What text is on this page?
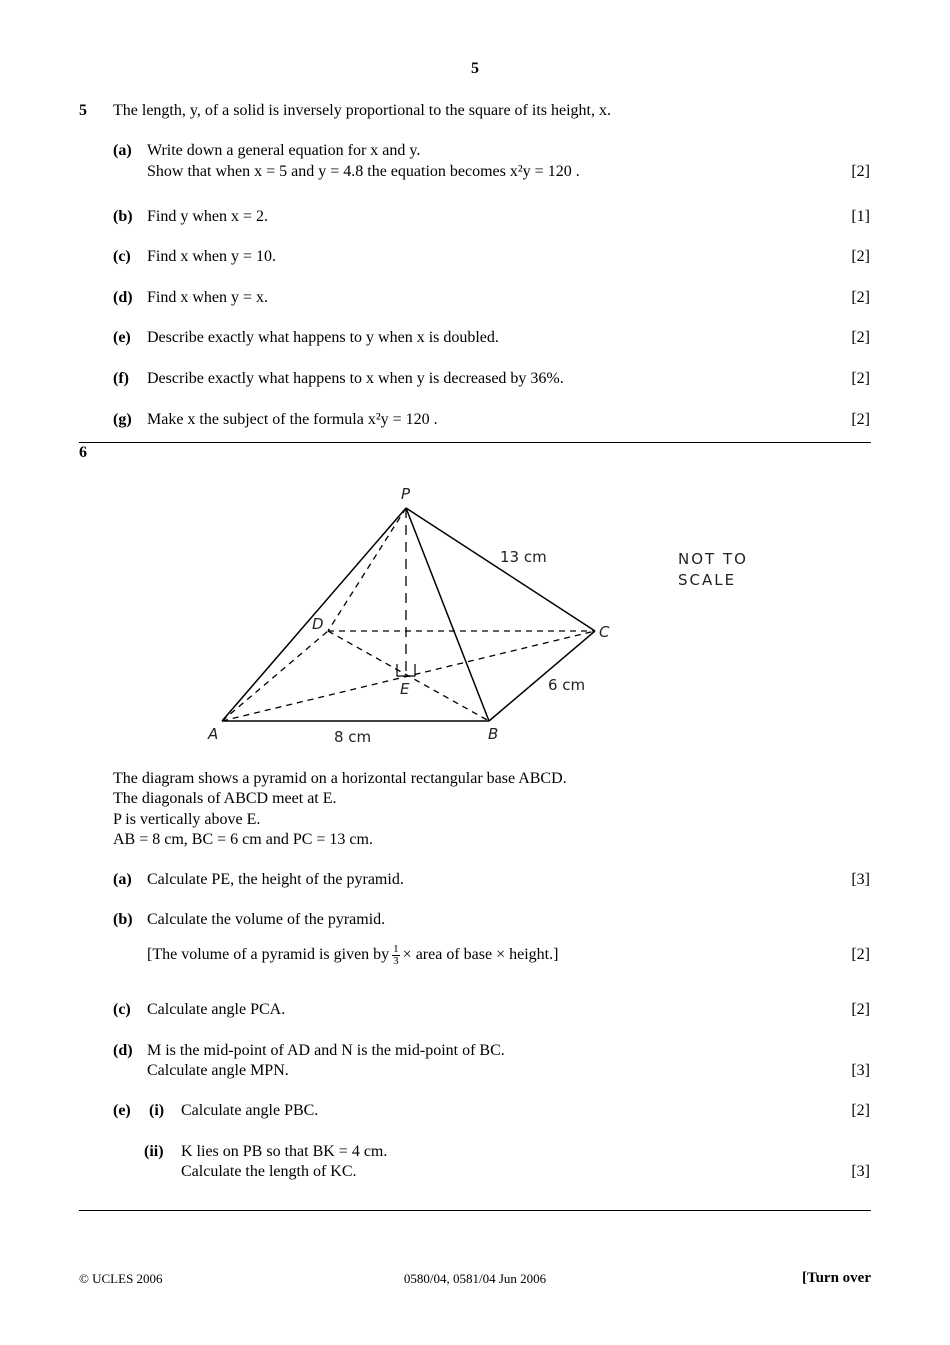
5
5 The length, y, of a solid is inversely proportional to the square of its height, x.
(a) Write down a general equation for x and y.
Show that when x = 5 and y = 4.8 the equation becomes x²y = 120 .	[2]
(b) Find y when x = 2.	[1]
(c) Find x when y = 10.	[2]
(d) Find x when y = x.	[2]
(e) Describe exactly what happens to y when x is doubled.	[2]
(f) Describe exactly what happens to x when y is decreased by 36%.	[2]
(g) Make x the subject of the formula x²y = 120 .	[2]
6
P
A	B
C
D
E
13 cm
6 cm
8 cm
NOT TO
SCALE
The diagram shows a pyramid on a horizontal rectangular base ABCD.
The diagonals of ABCD meet at E.
P is vertically above E.
AB = 8 cm, BC = 6 cm and PC = 13 cm.
(a) Calculate PE, the height of the pyramid.	[3]
(b) Calculate the volume of the pyramid.
[The volume of a pyramid is given by $\frac{1}{3}$ × area of base × height.]	[2]
(c) Calculate angle PCA.	[2]
(d) M is the mid-point of AD and N is the mid-point of BC.
Calculate angle MPN.	[3]
(e) (i) Calculate angle PBC.	[2]
(ii) K lies on PB so that BK = 4 cm.
Calculate the length of KC.	[3]
© UCLES 2006	0580/04, 0581/04 Jun 2006	[Turn over
